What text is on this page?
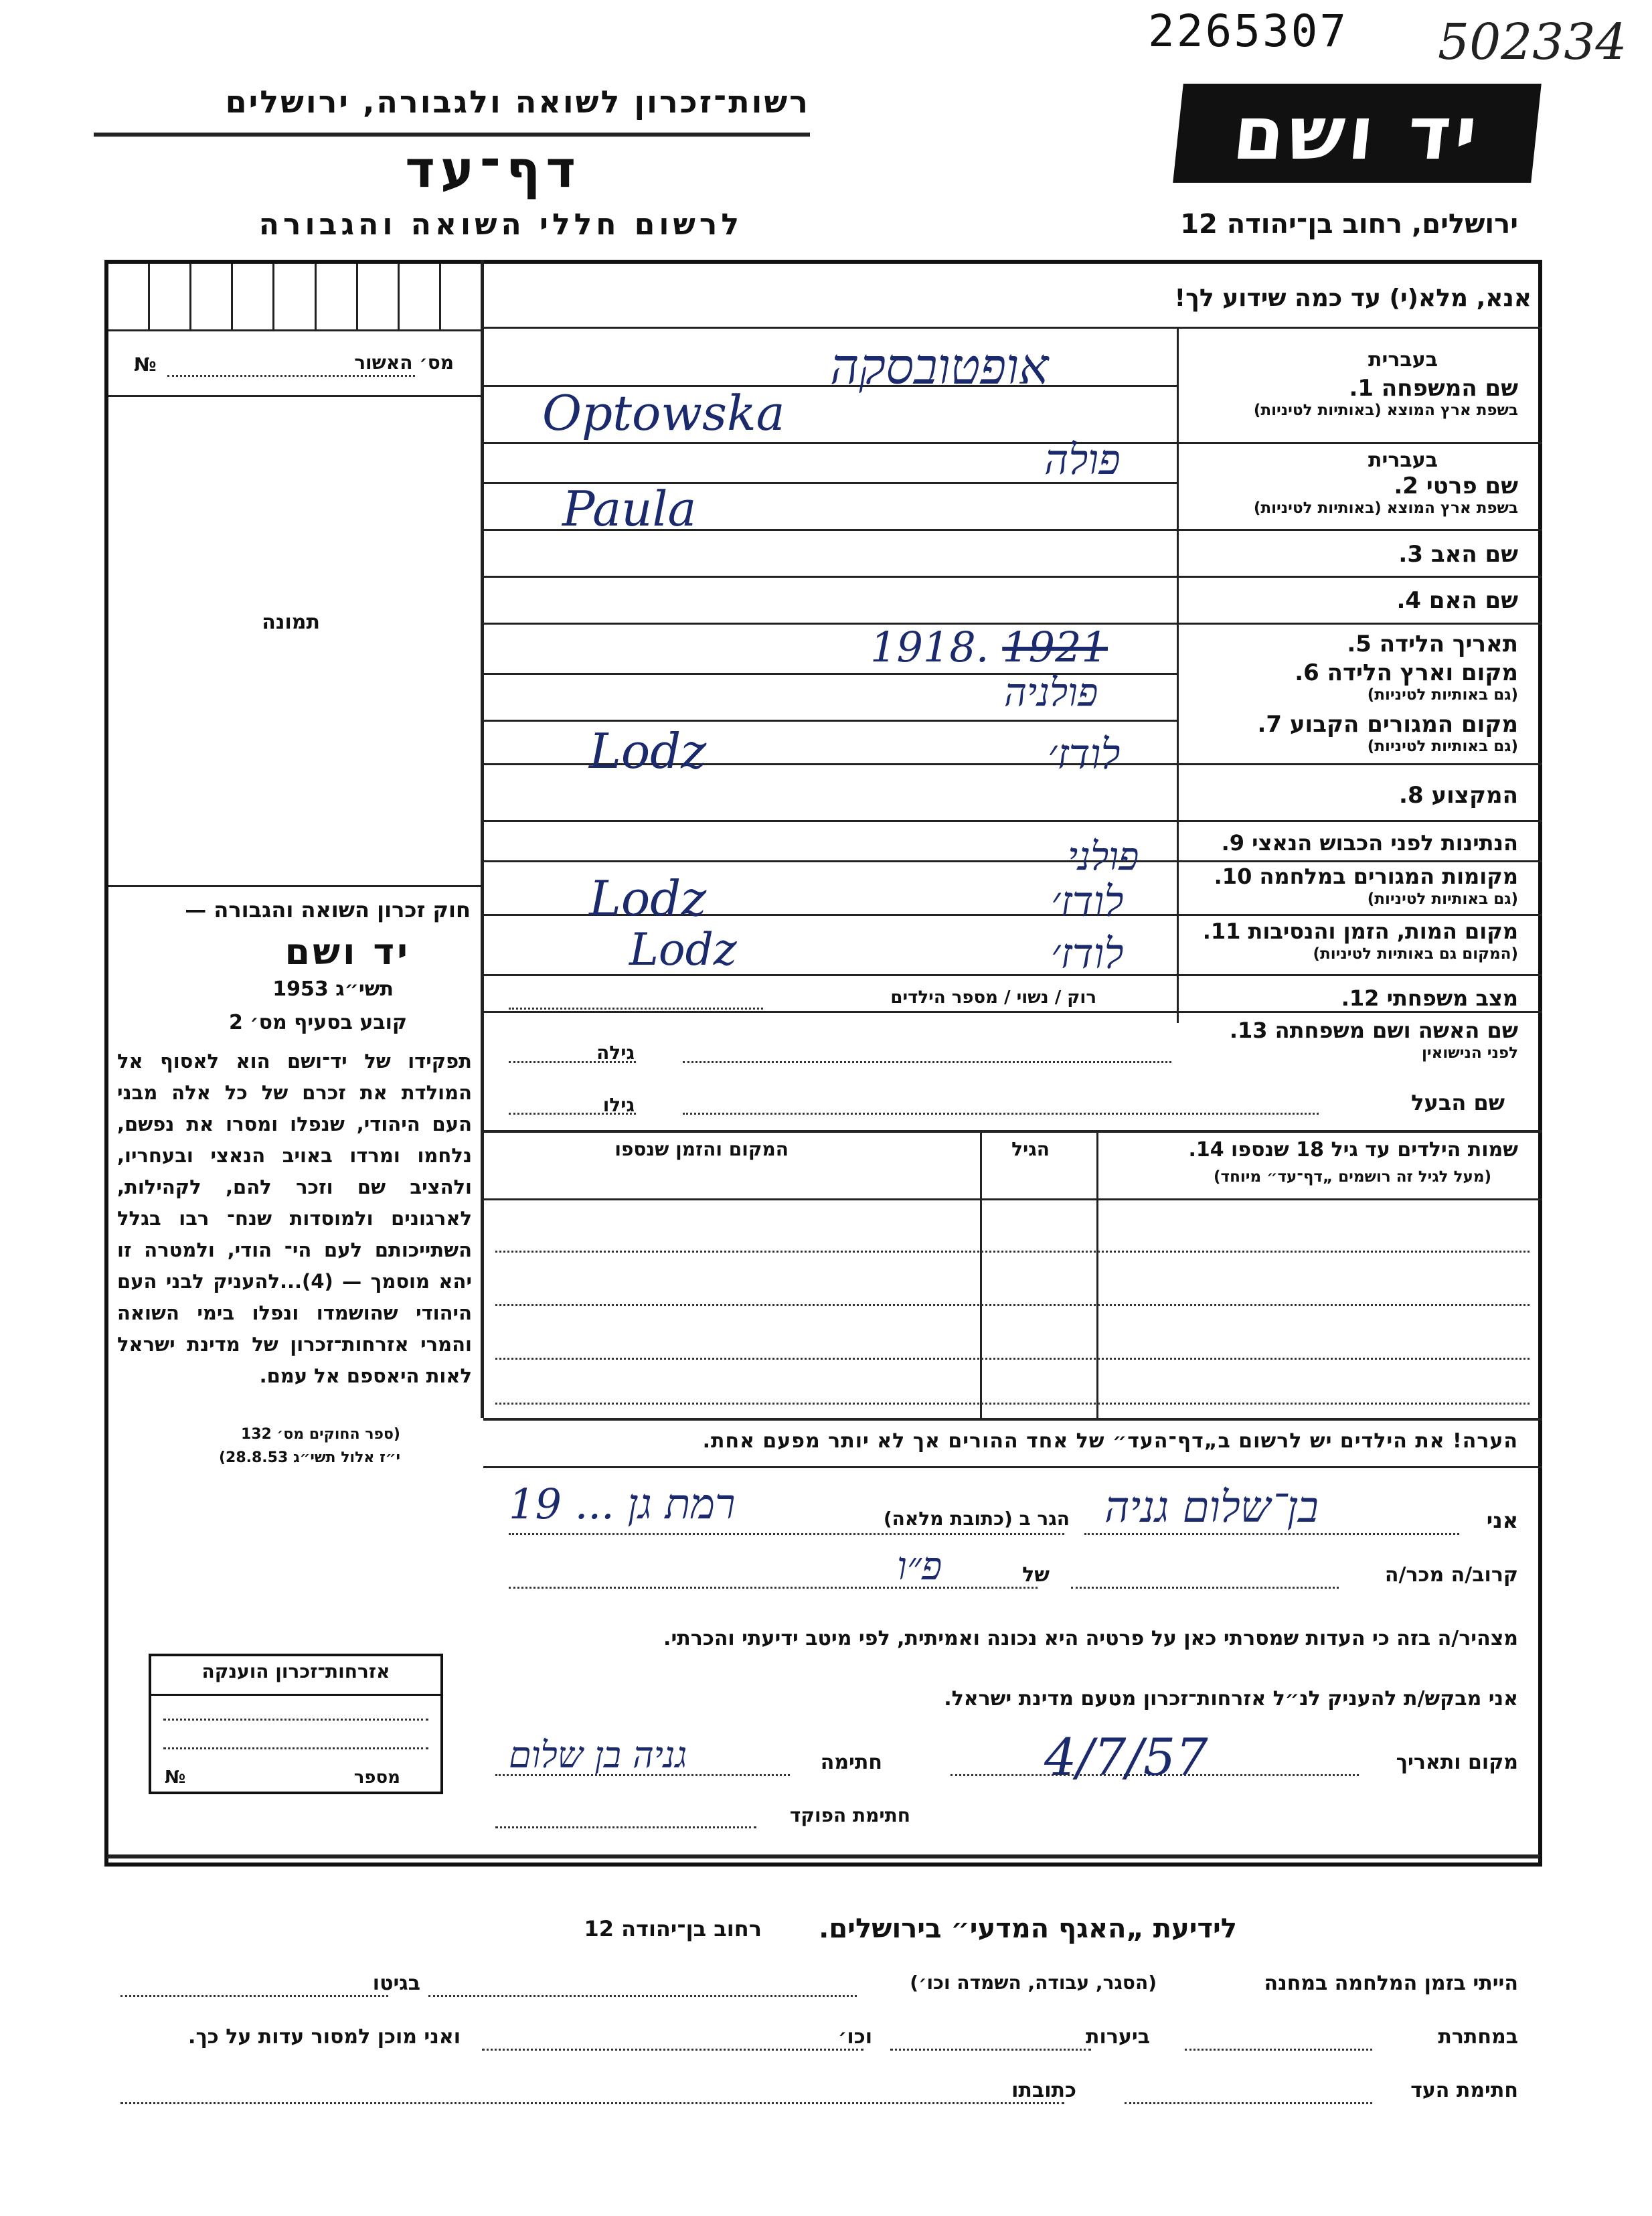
2265307 502334
רשות־זכרון לשואה ולגבורה, ירושלים
דף־עד
לרשום חללי השואה והגבורה
יד ושם
ירושלים, רחוב בן־יהודה 12
אנא, מלא(י) עד כמה שידוע לך!
מס׳ האשור
№
תמונה
חוק זכרון השואה והגבורה —
יד ושם
תשי״ג 1953
קובע בסעיף מס׳ 2
תפקידו של יד־ושם הוא לאסוף אל המולדת את זכרם של כל אלה מבני העם היהודי, שנפלו ומסרו את נפשם, נלחמו ומרדו באויב הנאצי ובעחריו, ולהציב שם וזכר להם, לקהילות, לארגונים ולמוסדות שנח־ רבו בגלל השתייכותם לעם הי־ הודי, ולמטרה זו יהא מוסמך — (4)...להעניק לבני העם היהודי שהושמדו ונפלו בימי השואה והמרי אזרחות־זכרון של מדינת ישראל לאות היאספם אל עמם.
(ספר החוקים מס׳ 132
י״ז אלול תשי״ג 28.8.53)
בעברית
שם המשפחה 1.
בשפת ארץ המוצא (באותיות לטיניות)
בעברית
שם פרטי 2.
בשפת ארץ המוצא (באותיות לטיניות)
שם האב 3.
שם האם 4.
תאריך הלידה 5.
מקום וארץ הלידה 6.
(גם באותיות לטיניות)
מקום המגורים הקבוע 7.
(גם באותיות לטיניות)
המקצוע 8.
הנתינות לפני הכבוש הנאצי 9.
מקומות המגורים במלחמה 10.
(גם באותיות לטיניות)
מקום המות, הזמן והנסיבות 11.
(המקום גם באותיות לטיניות)
מצב משפחתי 12.
שם האשה ושם משפחתה 13.
לפני הנישואין
שם הבעל
אופטובסקה
Optowska
פולה
Paula
1918. 1921
פולניה
לודז׳
Lodz
פולני
לודז׳
Lodz
לודז׳
Lodz
רוק / נשוי / מספר הילדים
גילה
גילו
שמות הילדים עד גיל 18 שנספו 14.
(מעל לגיל זה רושמים „דף־עד״ מיוחד)
הגיל
המקום והזמן שנספו
הערה! את הילדים יש לרשום ב„דף־העד״ של אחד ההורים אך לא יותר מפעם אחת.
אני
בן־שלום גניה
הגר ב (כתובת מלאה)
רמת גן ... 19
קרוב/ה מכר/ה
של
פ״ו
מצהיר/ה בזה כי העדות שמסרתי כאן על פרטיה היא נכונה ואמיתית, לפי מיטב ידיעתי והכרתי.
אני מבקש/ת להעניק לנ״ל אזרחות־זכרון מטעם מדינת ישראל.
מקום ותאריך
4/7/57
חתימה
גניה בן שלום
חתימת הפוקד
אזרחות־זכרון הוענקה
מספר
№
לידיעת „האגף המדעי״ בירושלים.
רחוב בן־יהודה 12
הייתי בזמן המלחמה במחנה
(הסגר, עבודה, השמדה וכו׳)
בגיטו
במחתרת
ביערות
וכו׳
ואני מוכן למסור עדות על כך.
חתימת העד
כתובתו
